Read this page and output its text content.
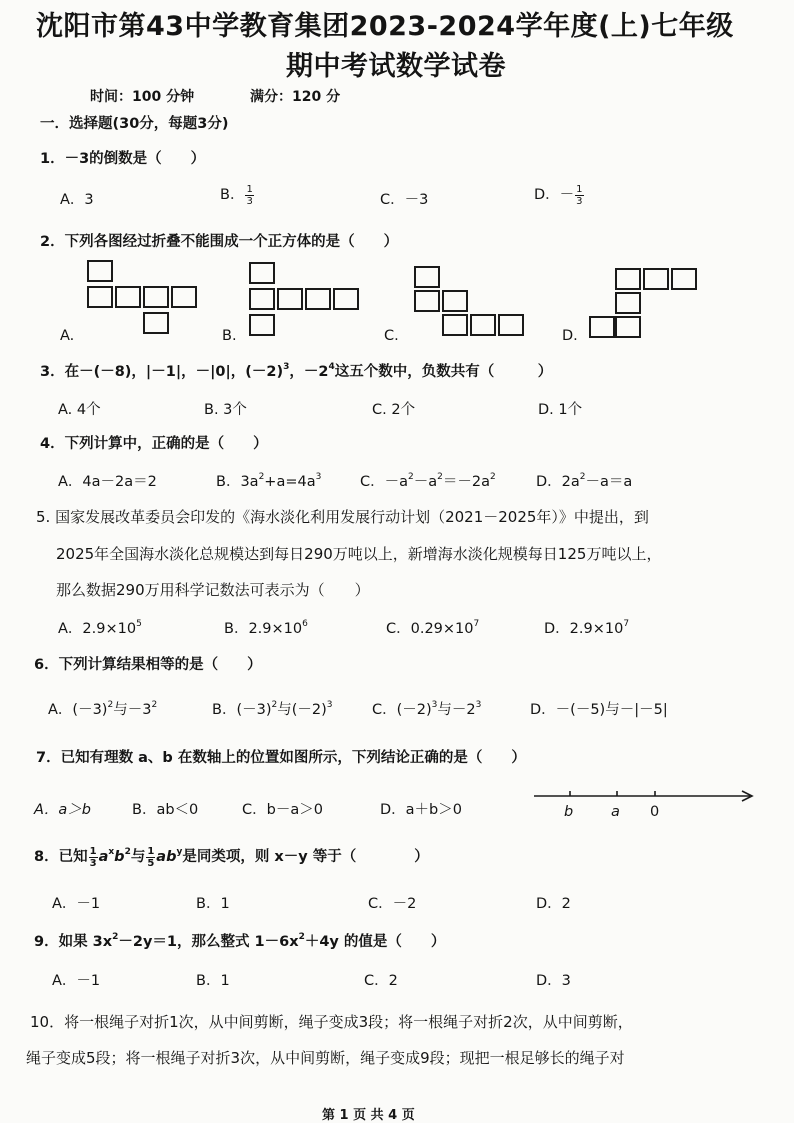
沈阳市第43中学教育集团2023-2024学年度(上)七年级
期中考试数学试卷
时间：100 分钟	满分：120 分
一．选择题(30分，每题3分)
1．－3的倒数是（　　）
A．3	B． $\frac{1}{3}$	C．－3	D．－ $\frac{1}{3}$
2．下列各图经过折叠不能围成一个正方体的是（　　）
A.	B.	C.	D.
3．在－(－8)，|－1|，－|0|，$(-2)^3$，$-2^4$这五个数中，负数共有（　　　）
A. 4个	B. 3个	C. 2个	D. 1个
4．下列计算中，正确的是（　　）
A．4a－2a＝2	B．$3a^2+a=4a^3$	C．$-a^2-a^2=-2a^2$	D．$2a^2-a=a$
5. 国家发展改革委员会印发的《海水淡化利用发展行动计划（2021－2025年）》中提出，到
2025年全国海水淡化总规模达到每日290万吨以上，新增海水淡化规模每日125万吨以上，
那么数据290万用科学记数法可表示为（　　）
A．$2.9\times 10^5$	B．$2.9\times 10^6$	C．$0.29\times 10^7$	D．$2.9\times 10^7$
6．下列计算结果相等的是（　　）
A．$(-3)^2$与$-3^2$	B．$(-3)^2$与$(-2)^3$	C．$(-2)^3$与$-2^3$	D．－(－5)与－|－5|
7．已知有理数 a、b 在数轴上的位置如图所示，下列结论正确的是（　　）
A．a＞b	B．ab＜0	C．b－a＞0	D．a＋b＞0	b	a 0
8．已知 $\frac{1}{3} a^xb^2$与 $\frac{1}{5} ab^y$是同类项，则 x－y 等于（　　　　）
A．－1	B．1	C．－2	D．2
9．如果 $3x^2-2y=1$，那么整式 $1-6x^2+4y$ 的值是（　　）
A．－1	B．1	C．2	D．3
10．将一根绳子对折1次，从中间剪断，绳子变成3段；将一根绳子对折2次，从中间剪断，
绳子变成5段；将一根绳子对折3次，从中间剪断，绳子变成9段；现把一根足够长的绳子对
第 1 页 共 4 页
